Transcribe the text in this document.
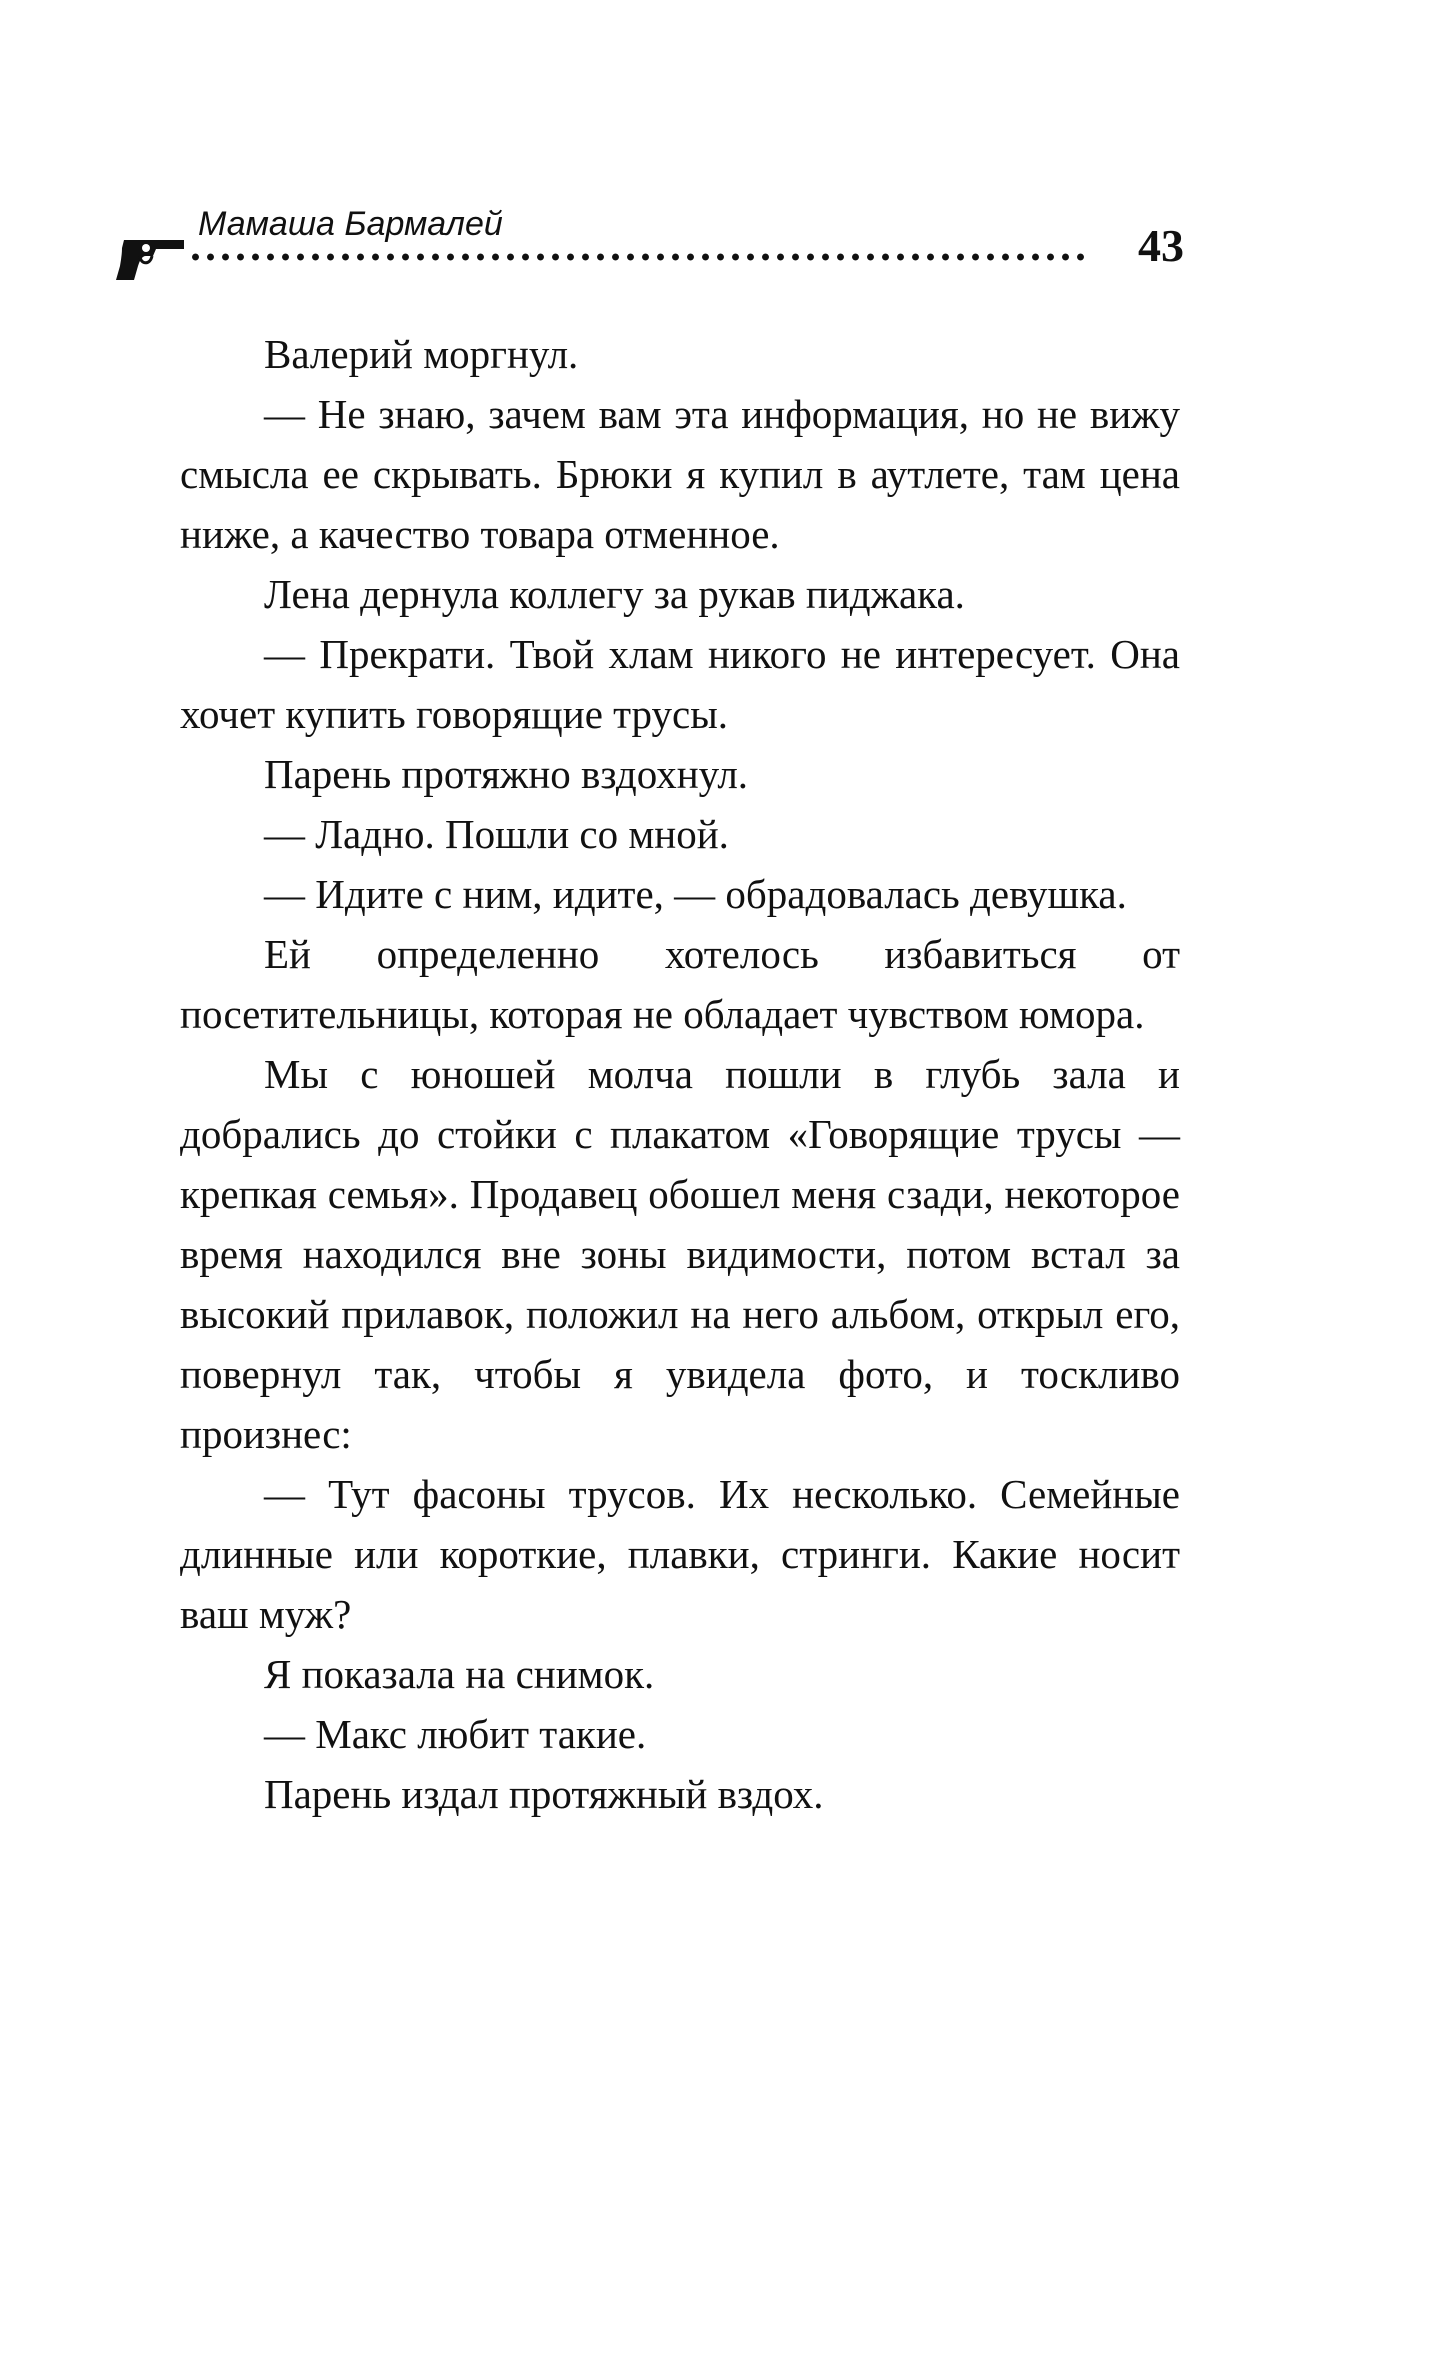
Мамаша Бармалей	43

Валерий моргнул.

— Не знаю, зачем вам эта информация, но не вижу смысла ее скрывать. Брюки я купил в аутлете, там цена ниже, а качество товара отменное.

Лена дернула коллегу за рукав пиджака.

— Прекрати. Твой хлам никого не интересует. Она хочет купить говорящие трусы.

Парень протяжно вздохнул.

— Ладно. Пошли со мной.

— Идите с ним, идите, — обрадовалась девушка.

Ей определенно хотелось избавиться от посетительницы, которая не обладает чувством юмора.

Мы с юношей молча пошли в глубь зала и добрались до стойки с плакатом «Говорящие трусы — крепкая семья». Продавец обошел меня сзади, некоторое время находился вне зоны видимости, потом встал за высокий прилавок, положил на него альбом, открыл его, повернул так, чтобы я увидела фото, и тоскливо произнес:

— Тут фасоны трусов. Их несколько. Семейные длинные или короткие, плавки, стринги. Какие носит ваш муж?

Я показала на снимок.

— Макс любит такие.

Парень издал протяжный вздох.
